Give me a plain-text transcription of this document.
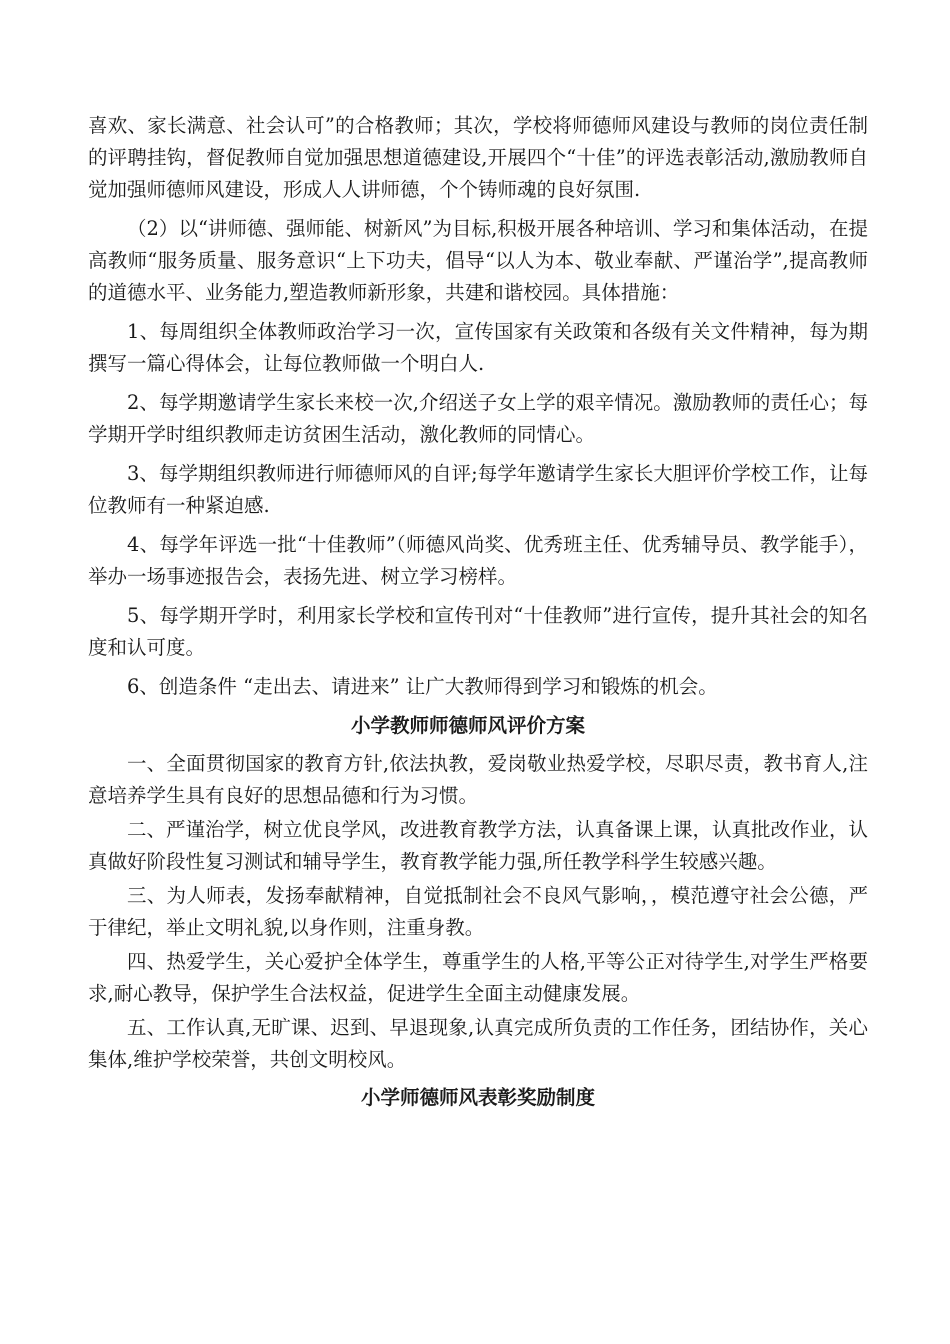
喜欢、家长满意、社会认可”的合格教师；其次，学校将师德师风建设与教师的岗位责任制的评聘挂钩，督促教师自觉加强思想道德建设,开展四个“十佳”的评选表彰活动,激励教师自觉加强师德师风建设，形成人人讲师德，个个铸师魂的良好氛围.

（2）以“讲师德、强师能、树新风”为目标,积极开展各种培训、学习和集体活动，在提高教师“服务质量、服务意识“上下功夫，倡导“以人为本、敬业奉献、严谨治学”,提高教师的道德水平、业务能力,塑造教师新形象，共建和谐校园。具体措施：

1、每周组织全体教师政治学习一次，宣传国家有关政策和各级有关文件精神，每为期撰写一篇心得体会，让每位教师做一个明白人.

2、每学期邀请学生家长来校一次,介绍送子女上学的艰辛情况。激励教师的责任心；每学期开学时组织教师走访贫困生活动，激化教师的同情心。

3、每学期组织教师进行师德师风的自评;每学年邀请学生家长大胆评价学校工作，让每位教师有一种紧迫感.

4、每学年评选一批“十佳教师”（师德风尚奖、优秀班主任、优秀辅导员、教学能手），举办一场事迹报告会，表扬先进、树立学习榜样。

5、每学期开学时，利用家长学校和宣传刊对“十佳教师”进行宣传，提升其社会的知名度和认可度。

6、创造条件 “走出去、请进来” 让广大教师得到学习和锻炼的机会。

小学教师师德师风评价方案

一、全面贯彻国家的教育方针,依法执教，爱岗敬业热爱学校，尽职尽责，教书育人,注意培养学生具有良好的思想品德和行为习惯。

二、严谨治学，树立优良学风，改进教育教学方法，认真备课上课，认真批改作业，认真做好阶段性复习测试和辅导学生，教育教学能力强,所任教学科学生较感兴趣。

三、为人师表，发扬奉献精神，自觉抵制社会不良风气影响，，模范遵守社会公德，严于律纪，举止文明礼貌,以身作则，注重身教。

四、热爱学生，关心爱护全体学生，尊重学生的人格,平等公正对待学生,对学生严格要求,耐心教导，保护学生合法权益，促进学生全面主动健康发展。

五、工作认真,无旷课、迟到、早退现象,认真完成所负责的工作任务，团结协作，关心集体,维护学校荣誉，共创文明校风。

小学师德师风表彰奖励制度
